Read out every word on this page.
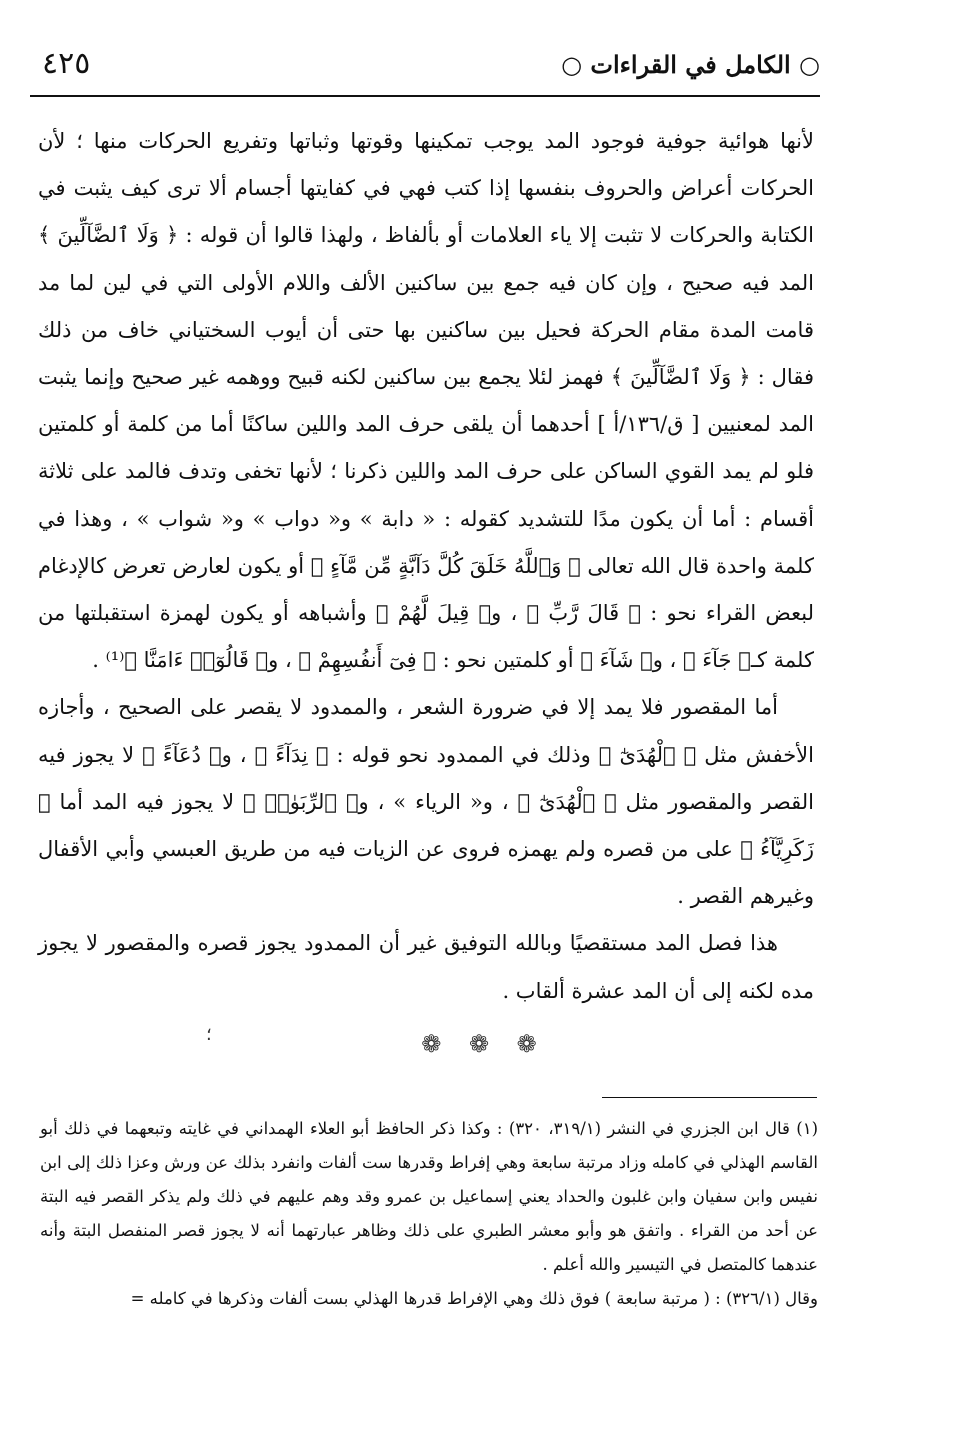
٤٢٥	○ الكامل في القراءات ○

لأنها هوائية جوفية فوجود المد يوجب تمكينها وقوتها وثباتها وتفريع الحركات منها ؛ لأن الحركات أعراض والحروف بنفسها إذا كتب فهي في كفايتها أجسام ألا ترى كيف يثبت في الكتابة والحركات لا تثبت إلا ياء العلامات أو بألفاظ ، ولهذا قالوا أن قوله : ﴿ وَلَا ٱلضَّآلِّينَ ﴾ المد فيه صحيح ، وإن كان فيه جمع بين ساكنين الألف واللام الأولى التي في لين لما مد قامت المدة مقام الحركة فحيل بين ساكنين بها حتى أن أيوب السختياني خاف من ذلك فقال : ﴿ وَلَا ٱلضَّآلِّينَ ﴾ فهمز لئلا يجمع بين ساكنين لكنه قبيح ووهمه غير صحيح وإنما يثبت المد لمعنيين [ ق/١٣٦/أ ] أحدهما أن يلقى حرف المد واللين ساكنًا أما من كلمة أو كلمتين فلو لم يمد القوي الساكن على حرف المد واللين ذكرنا ؛ لأنها تخفى وتدف فالمد على ثلاثة أقسام : أما أن يكون مدًا للتشديد كقوله : « دابة » و« دواب » و« شواب » ، وهذا في كلمة واحدة قال الله تعالى ﴿ وَٱللَّهُ خَلَقَ كُلَّ دَآبَّةٍ مِّن مَّآءٍ ﴾ أو يكون لعارض تعرض كالإدغام لبعض القراء نحو : ﴿ قَالَ رَّبِّ ﴾ ، و﴿ قِيلَ لَّهُمْ ﴾ وأشباهه أو يكون لهمزة استقبلتها من كلمة كـ﴿ جَآءَ ﴾ ، و﴿ شَآءَ ﴾ أو كلمتين نحو : ﴿ فِىٓ أَنفُسِهِمْ ﴾ ، و﴿ قَالُوٓا۟ ءَامَنَّا ﴾⁽¹⁾ .

أما المقصور فلا يمد إلا في ضرورة الشعر ، والممدود لا يقصر على الصحيح ، وأجازه الأخفش مثل ﴿ ٱلْهُدَىٰٓ ﴾ وذلك في الممدود نحو قوله : ﴿ نِدَآءً ﴾ ، و﴿ دُعَآءً ﴾ لا يجوز فيه القصر والمقصور مثل ﴿ ٱلْهُدَىٰٓ ﴾ ، و« الرياء » ، و﴿ ٱلرِّبَوٰا۟ ﴾ لا يجوز فيه المد أما ﴿ زَكَرِيَّآءُ ﴾ على من قصره ولم يهمزه فروى عن الزيات فيه من طريق العبسي وأبي الأقفال وغيرهم القصر .

هذا فصل المد مستقصيًا وبالله التوفيق غير أن الممدود يجوز قصره والمقصور لا يجوز مده لكنه إلى أن المد عشرة ألقاب .

؛	❁ ❁ ❁

(١) قال ابن الجزري في النشر (٣١٩/١، ٣٢٠) : وكذا ذكر الحافظ أبو العلاء الهمداني في غايته وتبعهما في ذلك أبو القاسم الهذلي في كامله وزاد مرتبة سابعة وهي إفراط وقدرها ست ألفات وانفرد بذلك عن ورش وعزا ذلك إلى ابن نفيس وابن سفيان وابن غلبون والحداد يعني إسماعيل بن عمرو وقد وهم عليهم في ذلك ولم يذكر القصر فيه البتة عن أحد من القراء . واتفق هو وأبو معشر الطبري على ذلك وظاهر عبارتهما أنه لا يجوز قصر المنفصل البتة وأنه عندهما كالمتصل في التيسير والله أعلم .

وقال (٣٢٦/١) : ( مرتبة سابعة ) فوق ذلك وهي الإفراط قدرها الهذلي بست ألفات وذكرها في كامله =
